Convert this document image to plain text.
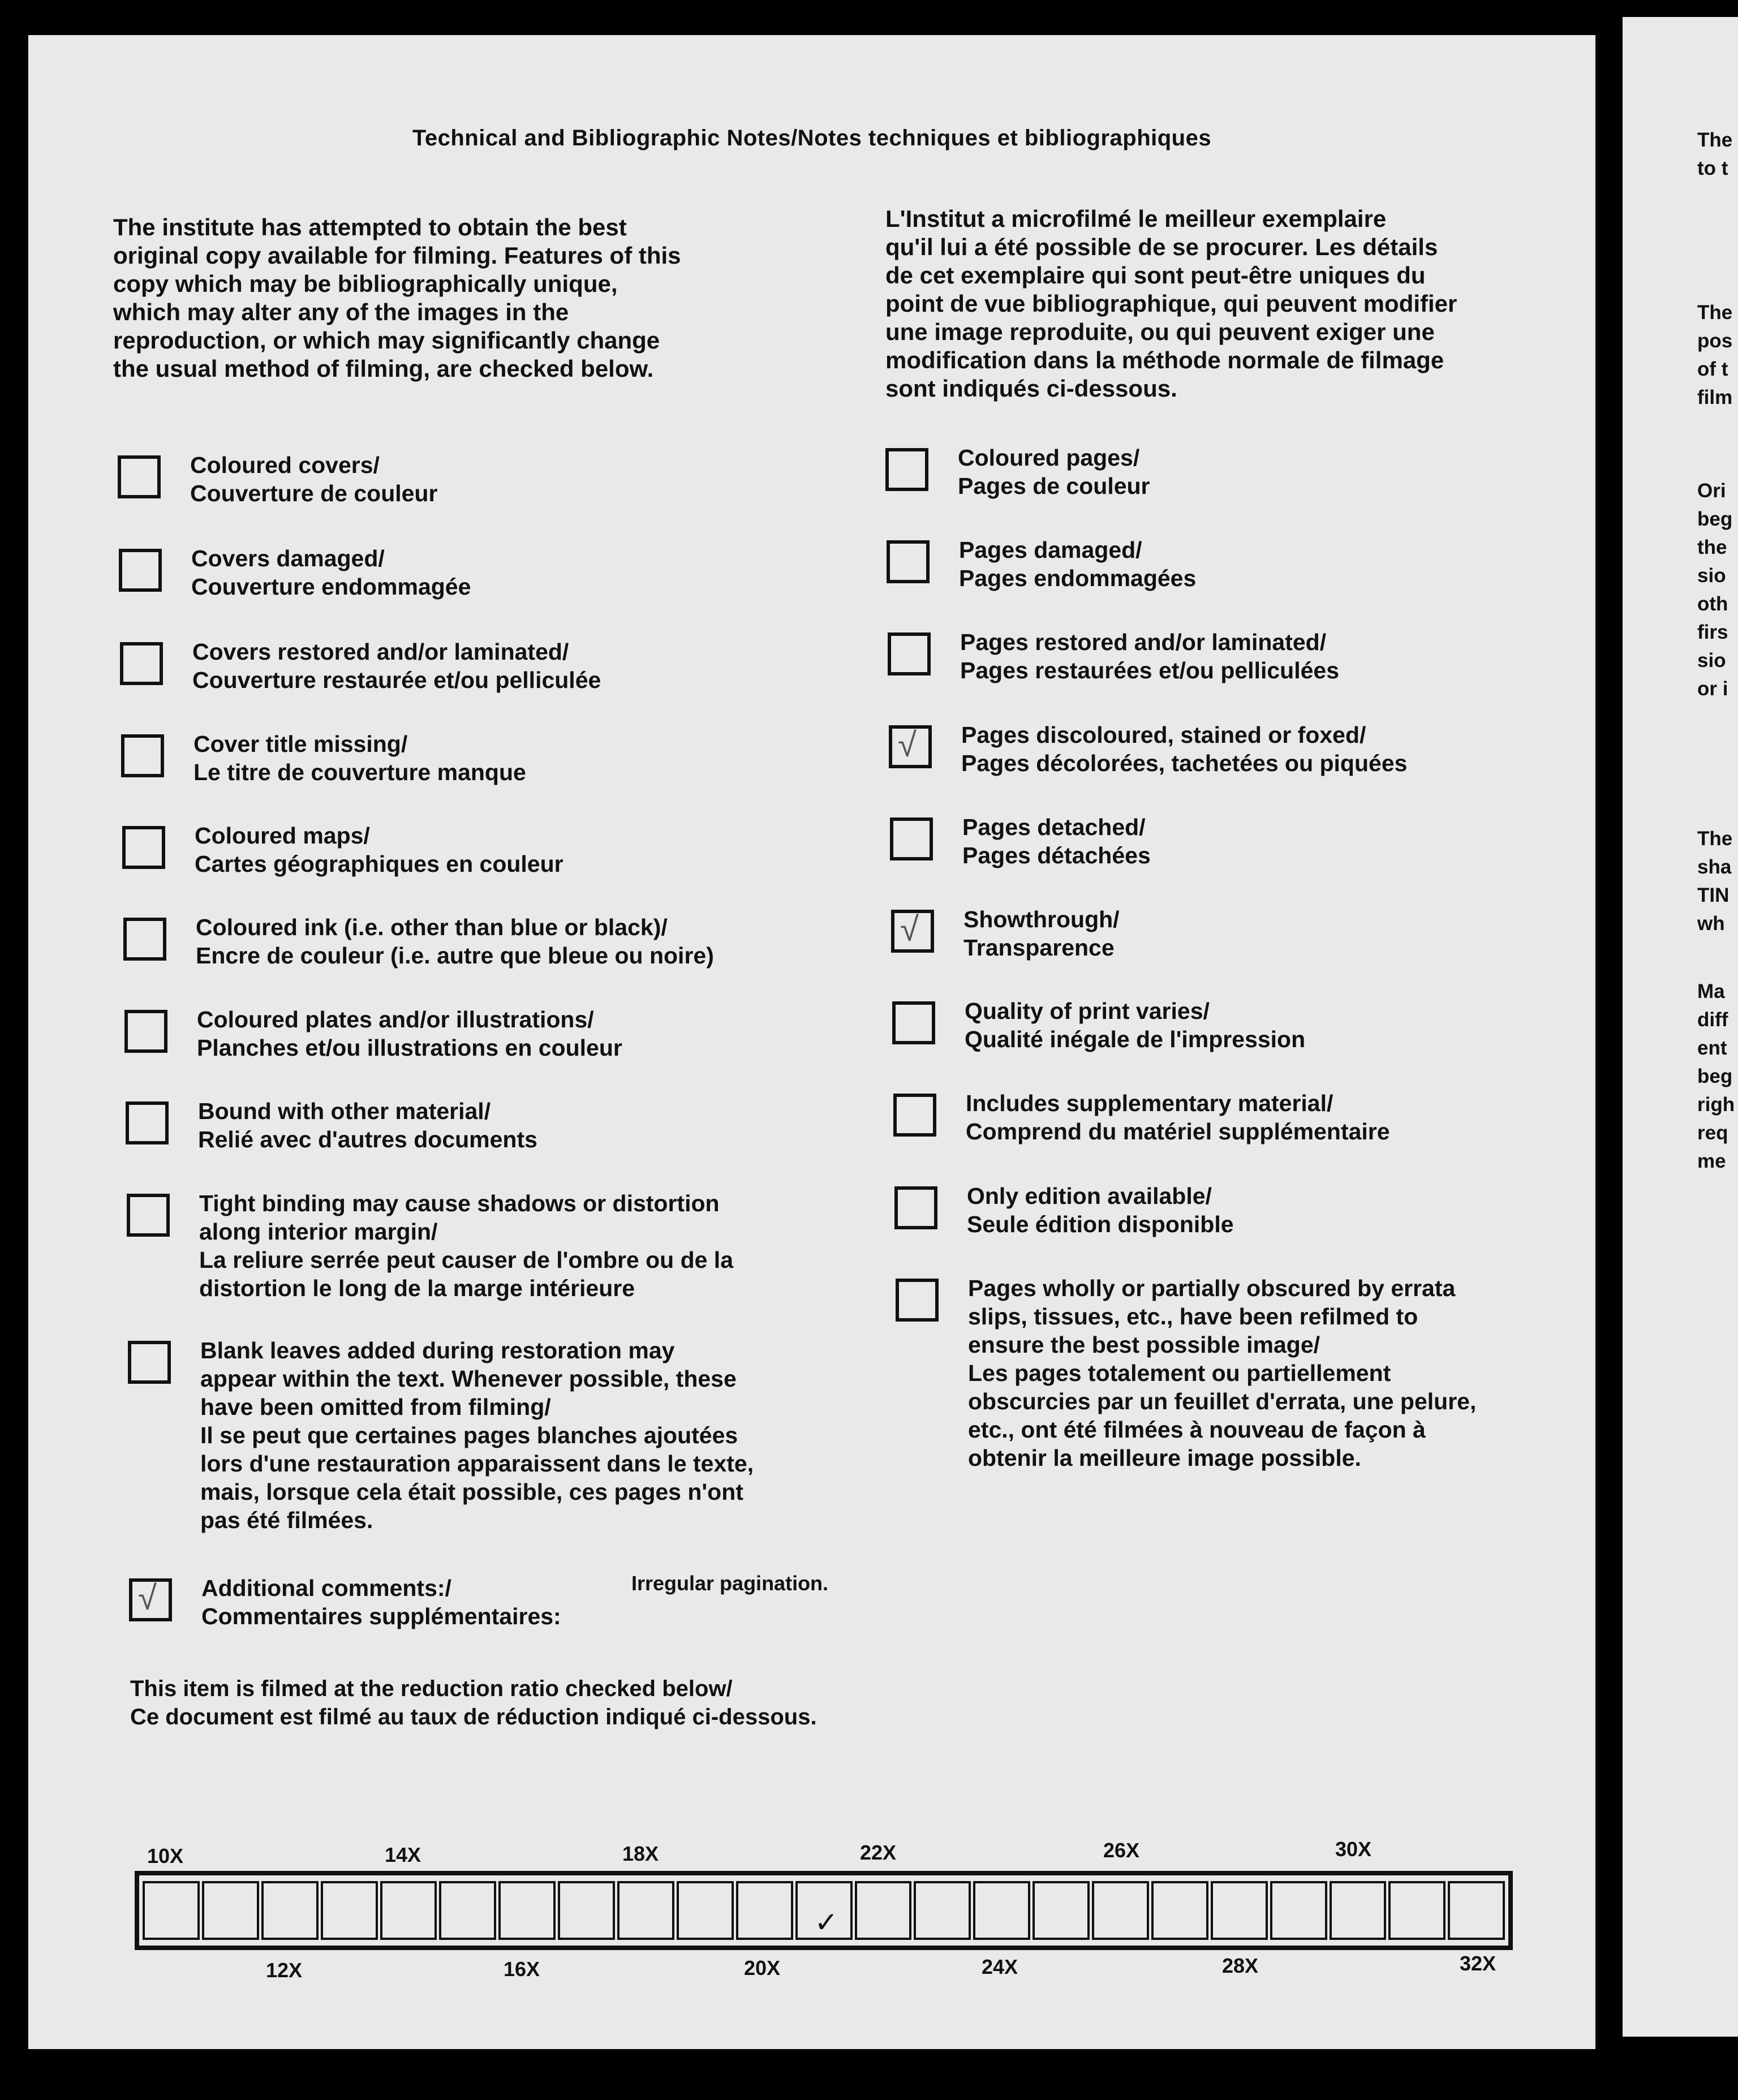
Technical and Bibliographic Notes/Notes techniques et bibliographiques
The institute has attempted to obtain the best
original copy available for filming. Features of this
copy which may be bibliographically unique,
which may alter any of the images in the
reproduction, or which may significantly change
the usual method of filming, are checked below.
L'Institut a microfilmé le meilleur exemplaire
qu'il lui a été possible de se procurer. Les détails
de cet exemplaire qui sont peut-être uniques du
point de vue bibliographique, qui peuvent modifier
une image reproduite, ou qui peuvent exiger une
modification dans la méthode normale de filmage
sont indiqués ci-dessous.
Coloured covers/
Couverture de couleur
Covers damaged/
Couverture endommagée
Covers restored and/or laminated/
Couverture restaurée et/ou pelliculée
Cover title missing/
Le titre de couverture manque
Coloured maps/
Cartes géographiques en couleur
Coloured ink (i.e. other than blue or black)/
Encre de couleur (i.e. autre que bleue ou noire)
Coloured plates and/or illustrations/
Planches et/ou illustrations en couleur
Bound with other material/
Relié avec d'autres documents
Tight binding may cause shadows or distortion
along interior margin/
La reliure serrée peut causer de l'ombre ou de la
distortion le long de la marge intérieure
Blank leaves added during restoration may
appear within the text. Whenever possible, these
have been omitted from filming/
Il se peut que certaines pages blanches ajoutées
lors d'une restauration apparaissent dans le texte,
mais, lorsque cela était possible, ces pages n'ont
pas été filmées.
√
Additional comments:/
Commentaires supplémentaires:
Irregular pagination.
Coloured pages/
Pages de couleur
Pages damaged/
Pages endommagées
Pages restored and/or laminated/
Pages restaurées et/ou pelliculées
√
Pages discoloured, stained or foxed/
Pages décolorées, tachetées ou piquées
Pages detached/
Pages détachées
√
Showthrough/
Transparence
Quality of print varies/
Qualité inégale de l'impression
Includes supplementary material/
Comprend du matériel supplémentaire
Only edition available/
Seule édition disponible
Pages wholly or partially obscured by errata
slips, tissues, etc., have been refilmed to
ensure the best possible image/
Les pages totalement ou partiellement
obscurcies par un feuillet d'errata, une pelure,
etc., ont été filmées à nouveau de façon à
obtenir la meilleure image possible.
This item is filmed at the reduction ratio checked below/
Ce document est filmé au taux de réduction indiqué ci-dessous.
10X	14X	18X	22X	26X	30X
✓
12X	16X	20X	24X	28X	32X
The
to t
The
pos
of t
film
Ori
beg
the
sio
oth
firs
sio
or i
The
sha
TIN
wh
Ma
diff
ent
beg
righ
req
me
